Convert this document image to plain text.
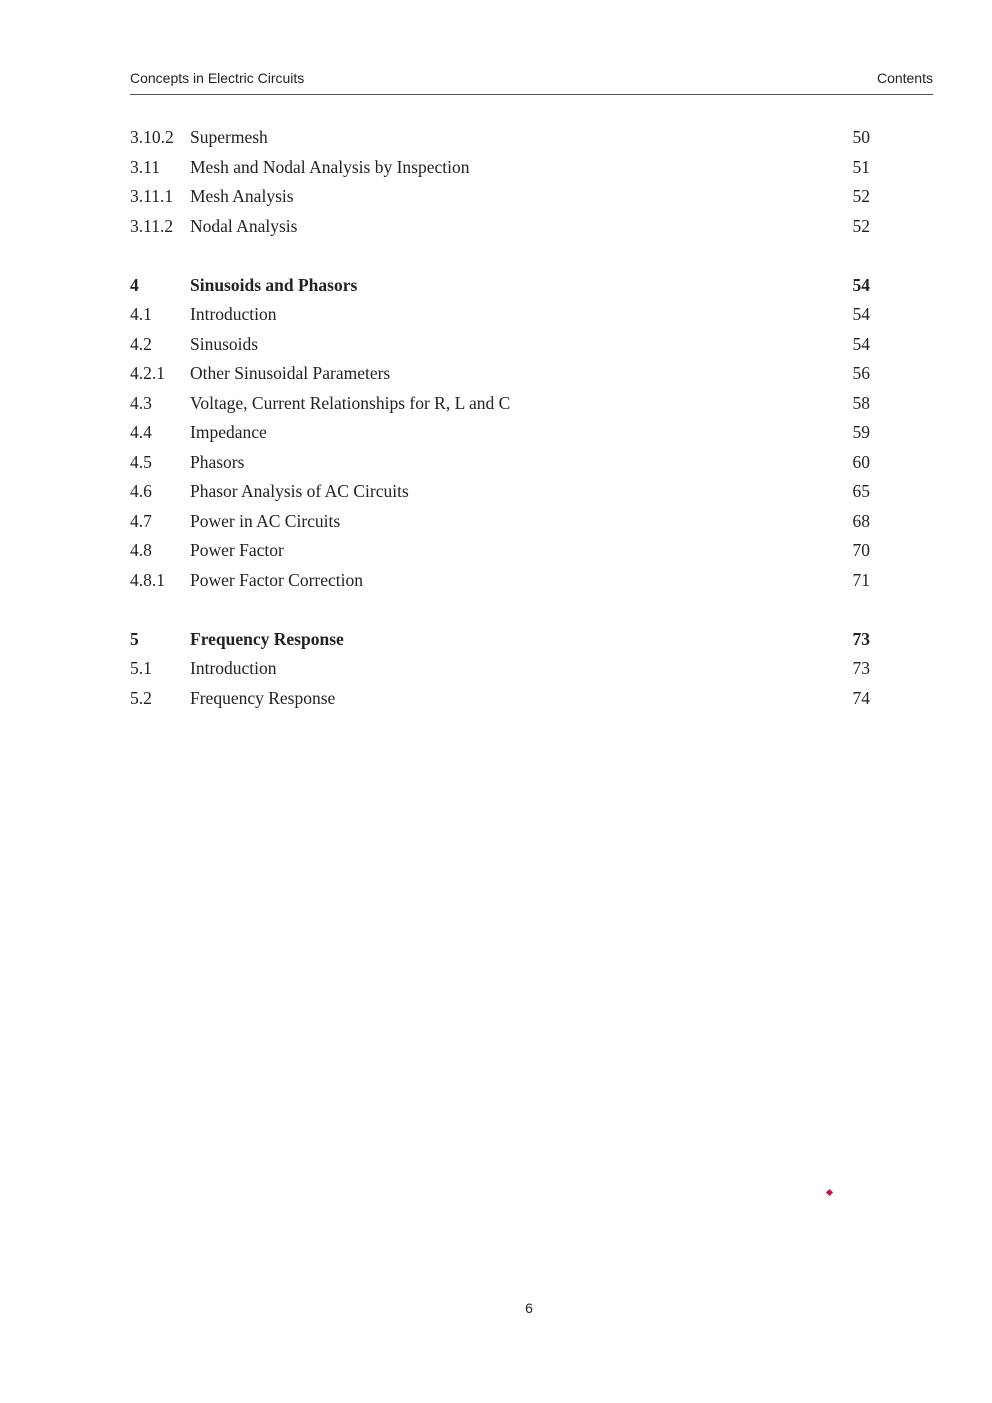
Concepts in Electric Circuits	Contents
3.10.2 Supermesh	50
3.11 Mesh and Nodal Analysis by Inspection	51
3.11.1 Mesh Analysis	52
3.11.2 Nodal Analysis	52
4	Sinusoids and Phasors	54
4.1 Introduction	54
4.2 Sinusoids	54
4.2.1 Other Sinusoidal Parameters	56
4.3 Voltage, Current Relationships for R, L and C	58
4.4 Impedance	59
4.5 Phasors	60
4.6 Phasor Analysis of AC Circuits	65
4.7 Power in AC Circuits	68
4.8 Power Factor	70
4.8.1 Power Factor Correction	71
5	Frequency Response	73
5.1 Introduction	73
5.2 Frequency Response	74
6
